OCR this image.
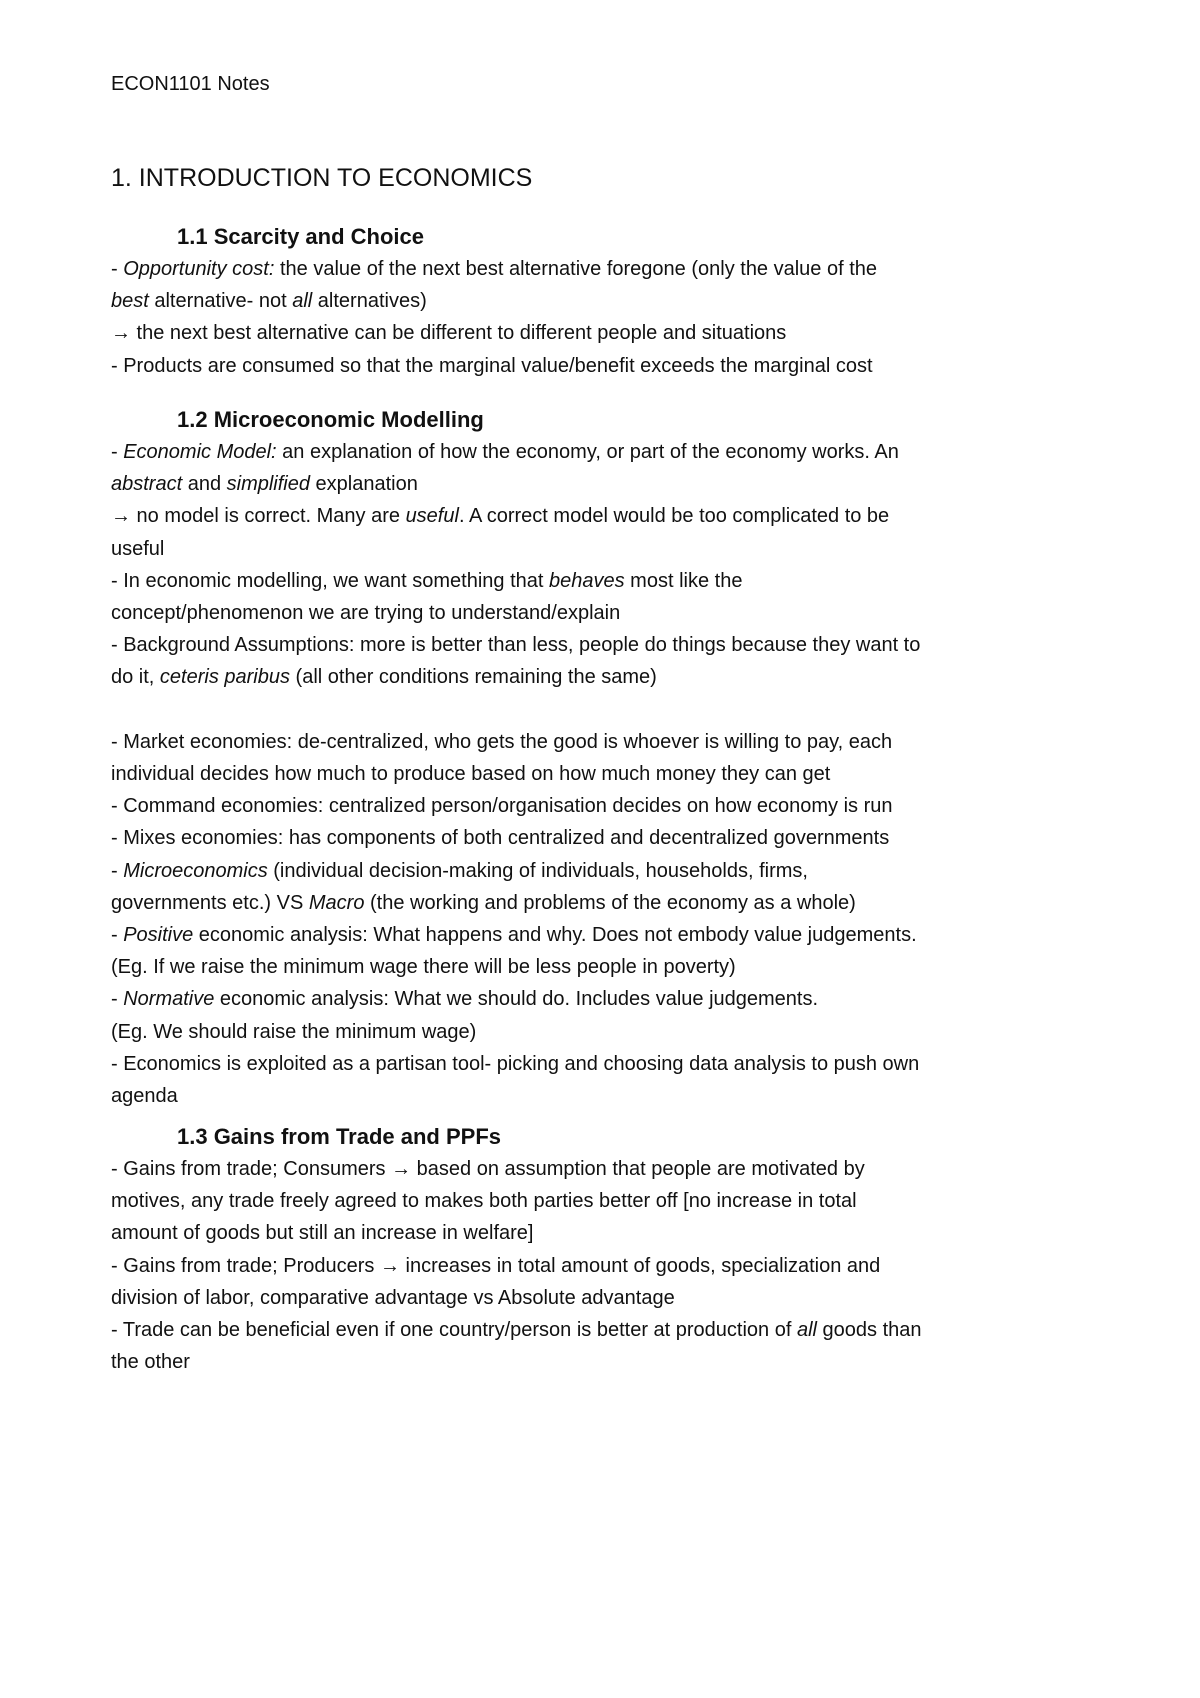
ECON1101 Notes
1. INTRODUCTION TO ECONOMICS
1.1 Scarcity and Choice
- Opportunity cost: the value of the next best alternative foregone (only the value of the
best alternative- not all alternatives)
→ the next best alternative can be different to different people and situations
- Products are consumed so that the marginal value/benefit exceeds the marginal cost
1.2 Microeconomic Modelling
- Economic Model: an explanation of how the economy, or part of the economy works. An
abstract and simplified explanation
→ no model is correct. Many are useful. A correct model would be too complicated to be
useful
- In economic modelling, we want something that behaves most like the
concept/phenomenon we are trying to understand/explain
- Background Assumptions: more is better than less, people do things because they want to
do it, ceteris paribus (all other conditions remaining the same)
- Market economies: de-centralized, who gets the good is whoever is willing to pay, each
individual decides how much to produce based on how much money they can get
- Command economies: centralized person/organisation decides on how economy is run
- Mixes economies: has components of both centralized and decentralized governments
- Microeconomics (individual decision-making of individuals, households, firms,
governments etc.) VS Macro (the working and problems of the economy as a whole)
- Positive economic analysis: What happens and why. Does not embody value judgements.
(Eg. If we raise the minimum wage there will be less people in poverty)
- Normative economic analysis: What we should do. Includes value judgements.
(Eg. We should raise the minimum wage)
- Economics is exploited as a partisan tool- picking and choosing data analysis to push own
agenda
1.3 Gains from Trade and PPFs
- Gains from trade; Consumers → based on assumption that people are motivated by
motives, any trade freely agreed to makes both parties better off [no increase in total
amount of goods but still an increase in welfare]
- Gains from trade; Producers → increases in total amount of goods, specialization and
division of labor, comparative advantage vs Absolute advantage
- Trade can be beneficial even if one country/person is better at production of all goods than
the other
